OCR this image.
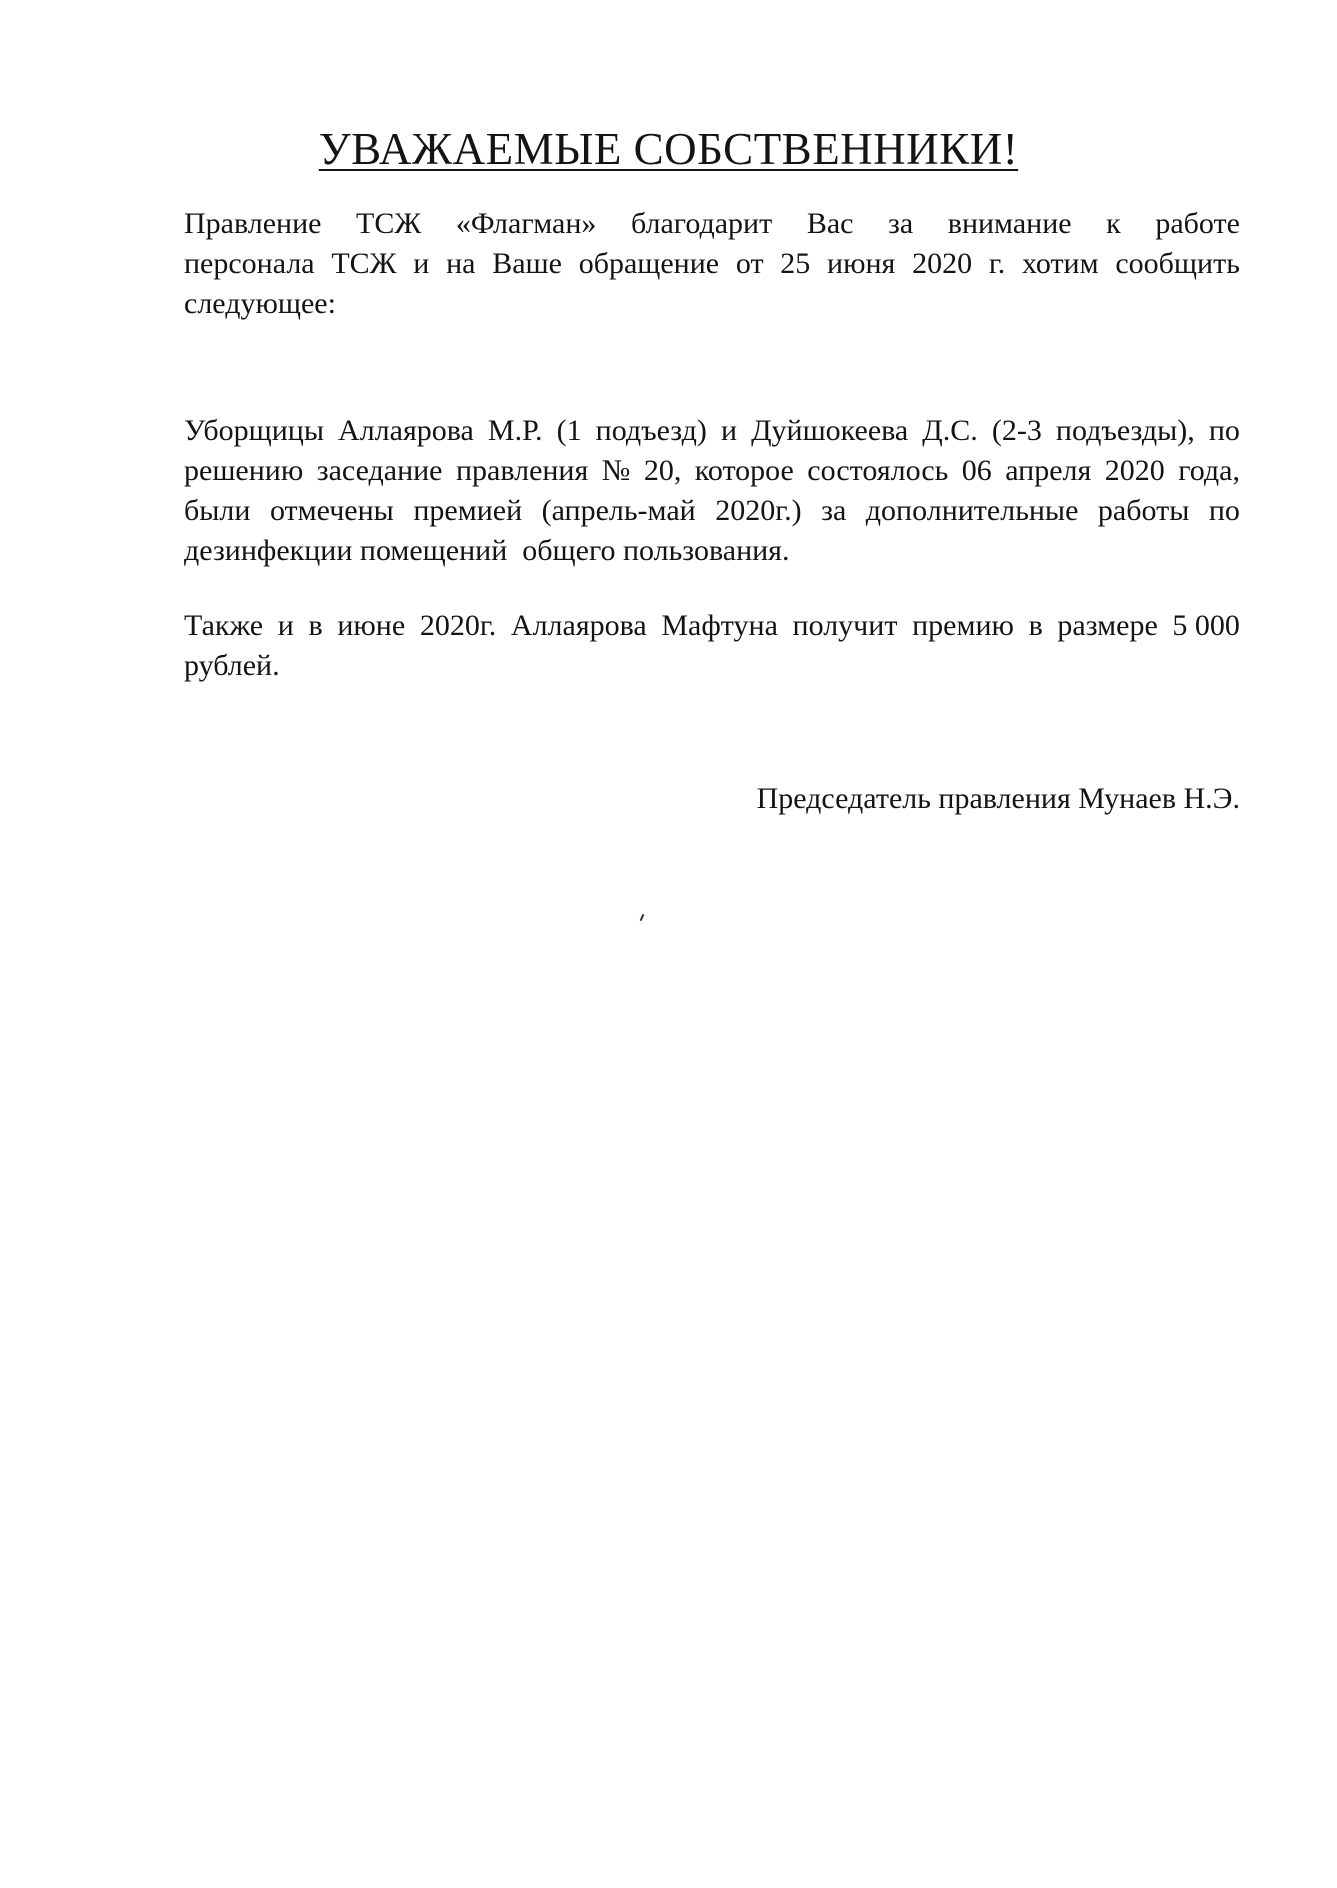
УВАЖАЕМЫЕ СОБСТВЕННИКИ!
Правление ТСЖ «Флагман» благодарит Вас за внимание к работе
персонала ТСЖ и на Ваше обращение от 25 июня 2020 г. хотим сообщить
следующее:
Уборщицы Аллаярова М.Р. (1 подъезд) и Дуйшокеева Д.С. (2-3 подъезды), по
решению заседание правления № 20, которое состоялось 06 апреля 2020 года,
были отмечены премией (апрель-май 2020г.) за дополнительные работы по
дезинфекции помещений  общего пользования.
Также и в июне 2020г. Аллаярова Мафтуна получит премию в размере 5 000
рублей.
Председатель правления Мунаев Н.Э.
